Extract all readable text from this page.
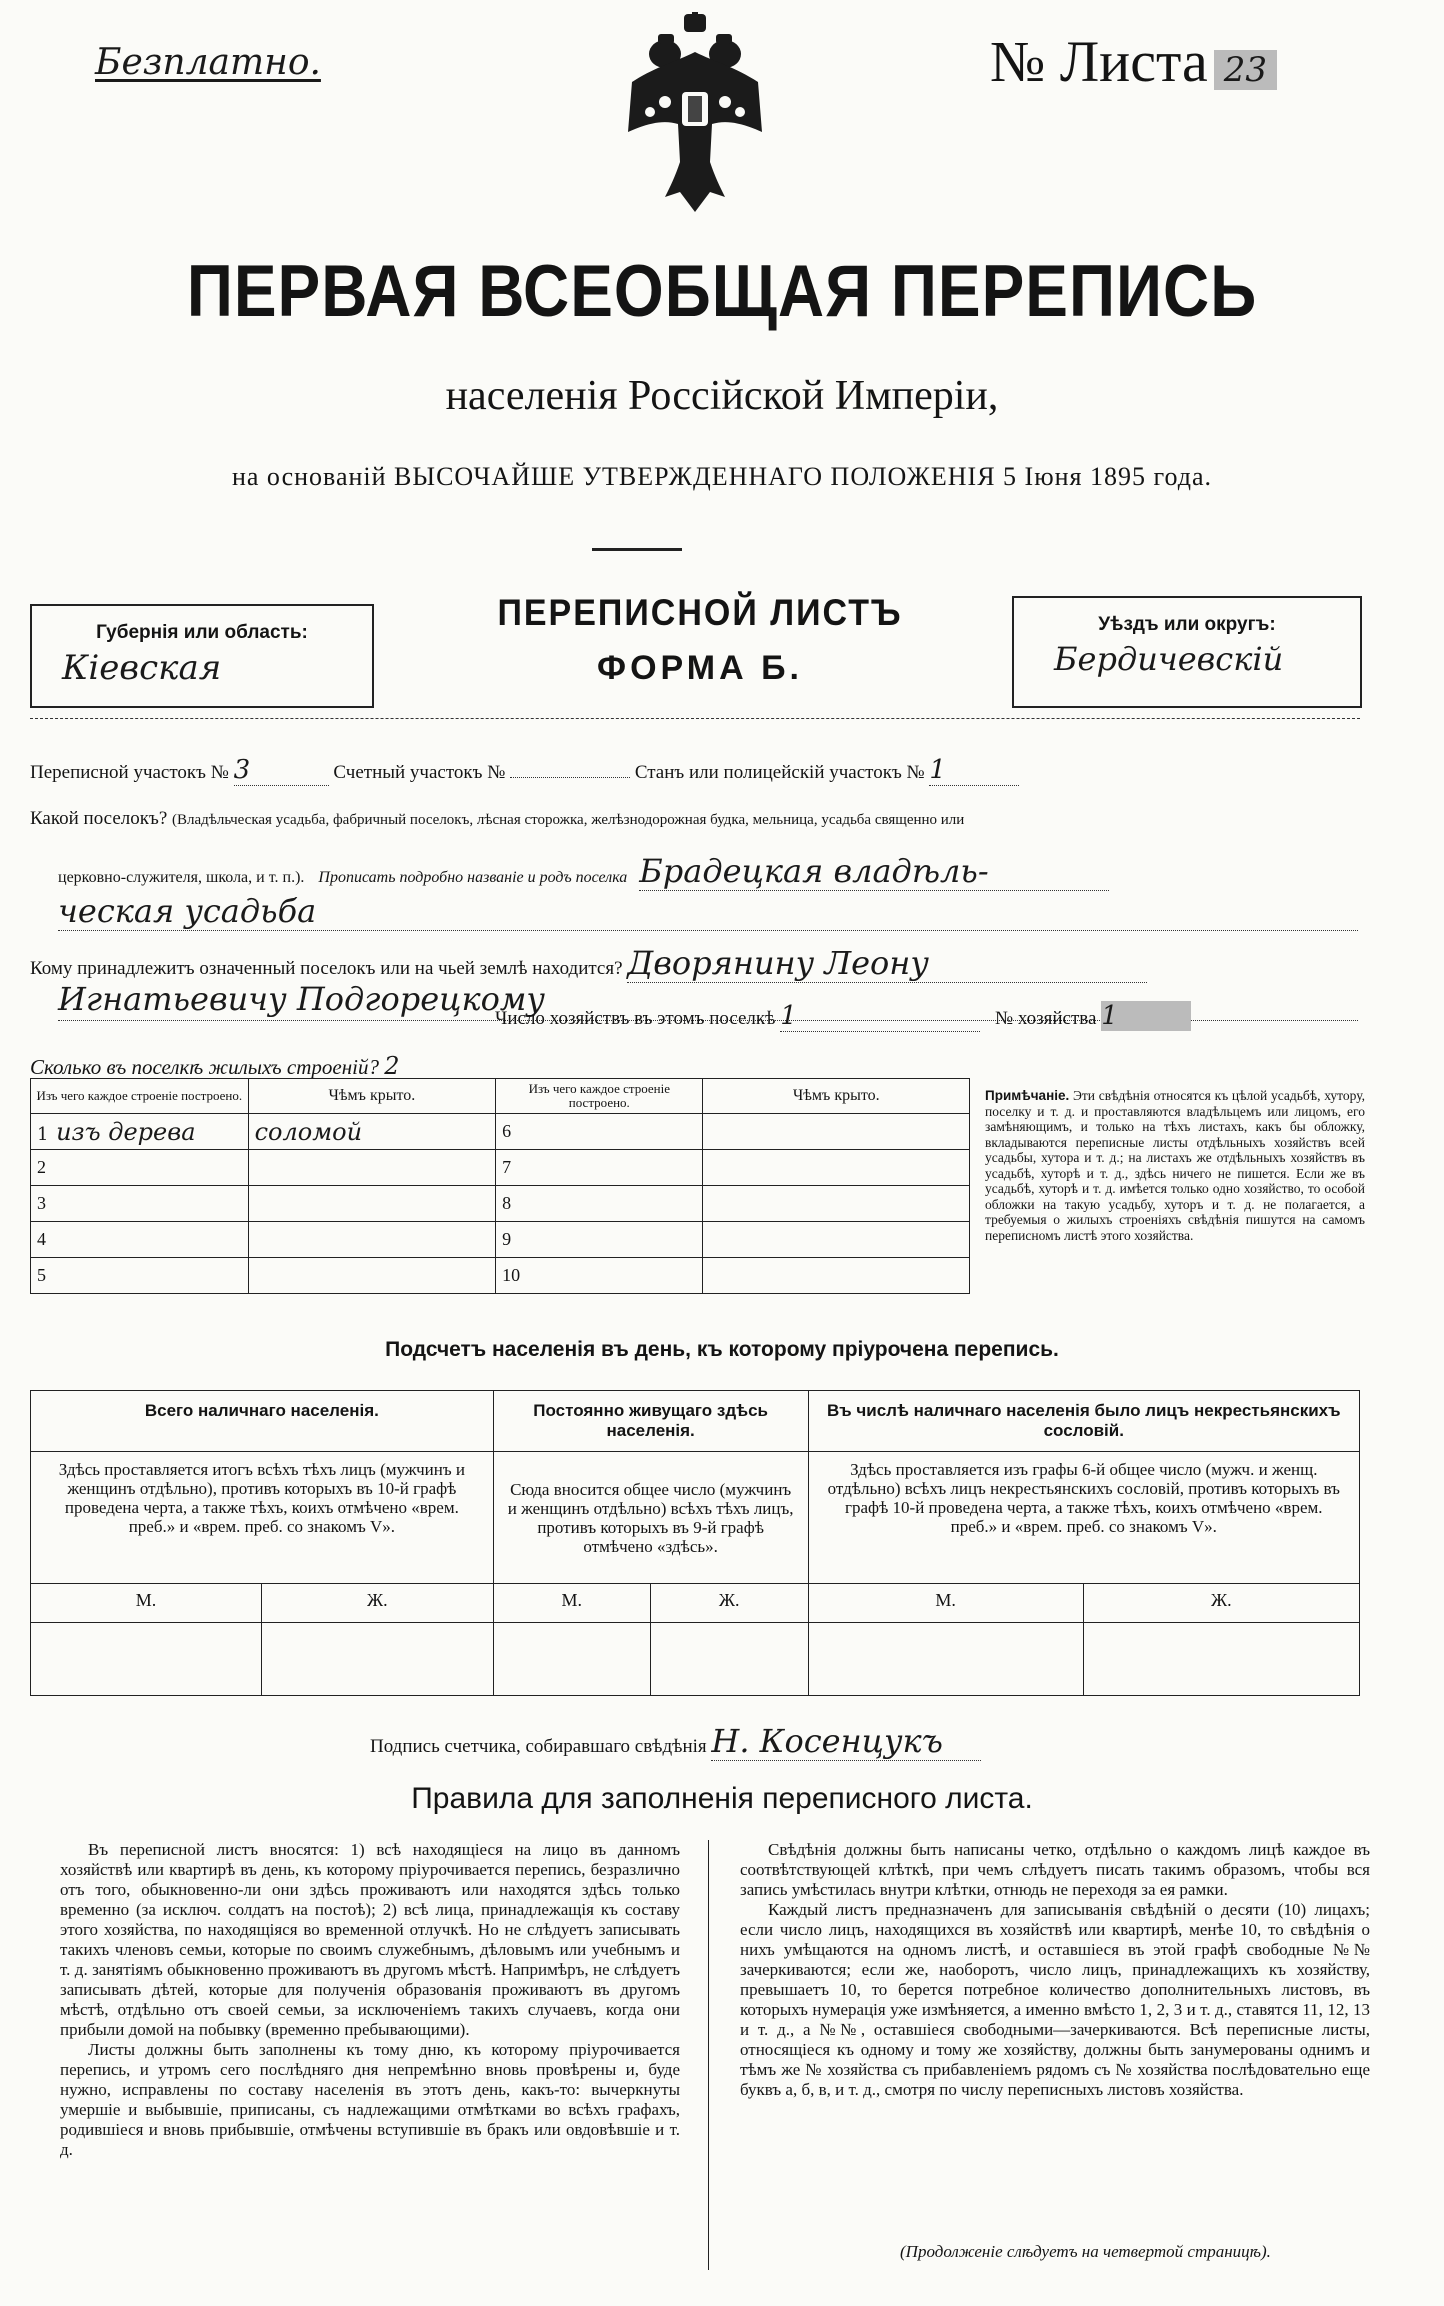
Безплатно.	№ Листа 23
ПЕРВАЯ ВСЕОБЩАЯ ПЕРЕПИСЬ
населенія Россійской Имперіи,
на основаній ВЫСОЧАЙШЕ УТВЕРЖДЕННАГО ПОЛОЖЕНІЯ 5 Іюня 1895 года.
Губернія или область:
Кіевская
ПЕРЕПИСНОЙ ЛИСТЪ
ФОРМА Б.
Уѣздъ или округъ:
Бердичевскій
Переписной участокъ № 3	Счетный участокъ №	Станъ или полицейскій участокъ № 1
Какой поселокъ? (Владѣльческая усадьба, фабричный поселокъ, лѣсная сторожка, желѣзнодорожная будка, мельница, усадьба священно или
церковно-служителя, школа, и т. п.). Прописать подробно названіе и родъ поселка Брадецкая владѣль-
ческая усадьба
Кому принадлежитъ означенный поселокъ или на чьей землѣ находится? Дворянину Леону
Игнатьевичу Подгорецкому
Число хозяйствъ въ этомъ поселкѣ 1	№ хозяйства 1
Сколько въ поселкѣ жилыхъ строеній? 2
Изъ чего каждое строеніе построено.	Чѣмъ крыто.	Изъ чего каждое строеніе построено.	Чѣмъ крыто.
1 изъ дерева	соломой	6	
2		7	
3		8	
4		9	
5		10	
Примѣчаніе. Эти свѣдѣнія относятся къ цѣлой усадьбѣ, хутору, поселку и т. д. и проставляются владѣльцемъ или лицомъ, его замѣняющимъ, и только на тѣхъ листахъ, какъ бы обложку, вкладываются переписные листы отдѣльныхъ хозяйствъ всей усадьбы, хутора и т. д.; на листахъ же отдѣльныхъ хозяйствъ въ усадьбѣ, хуторѣ и т. д., здѣсь ничего не пишется. Если же въ усадьбѣ, хуторѣ и т. д. имѣется только одно хозяйство, то особой обложки на такую усадьбу, хуторъ и т. д. не полагается, а требуемыя о жилыхъ строеніяхъ свѣдѣнія пишутся на самомъ переписномъ листѣ этого хозяйства.
Подсчетъ населенія въ день, къ которому пріурочена перепись.
Всего наличнаго населенія.		Постоянно живущаго здѣсь населенія.		Въ числѣ наличнаго населенія было лицъ некрестьянскихъ сословій.	
Здѣсь проставляется итогъ всѣхъ тѣхъ лицъ (мужчинъ и женщинъ отдѣльно), противъ которыхъ въ 10-й графѣ проведена черта, а также тѣхъ, коихъ отмѣчено «врем. преб.» и «врем. преб. со знакомъ V».		Сюда вносится общее число (мужчинъ и женщинъ отдѣльно) всѣхъ тѣхъ лицъ, противъ которыхъ въ 9-й графѣ отмѣчено «здѣсь».		Здѣсь проставляется изъ графы 6-й общее число (мужч. и женщ. отдѣльно) всѣхъ лицъ некрестьянскихъ сословій, противъ которыхъ въ графѣ 10-й проведена черта, а также тѣхъ, коихъ отмѣчено «врем. преб.» и «врем. преб. со знакомъ V».	
М.	Ж.	М.	Ж.	М.	Ж.

Подпись счетчика, собиравшаго свѣдѣнія Н. Косенцукъ
Правила для заполненія переписного листа.

Въ переписной листъ вносятся: 1) всѣ находящіеся на лицо въ данномъ хозяйствѣ или квартирѣ въ день, къ которому пріурочивается перепись, безразлично отъ того, обыкновенно-ли они здѣсь проживаютъ или находятся здѣсь только временно (за исключ. солдатъ на постоѣ); 2) всѣ лица, принадлежащія къ составу этого хозяйства, по находящіяся во временной отлучкѣ. Но не слѣдуетъ записывать такихъ членовъ семьи, которые по своимъ служебнымъ, дѣловымъ или учебнымъ и т. д. занятіямъ обыкновенно проживаютъ въ другомъ мѣстѣ. Напримѣръ, не слѣдуетъ записывать дѣтей, которые для полученія образованія проживаютъ въ другомъ мѣстѣ, отдѣльно отъ своей семьи, за исключеніемъ такихъ случаевъ, когда они прибыли домой на побывку (временно пребывающими).

Листы должны быть заполнены къ тому дню, къ которому пріурочивается перепись, и утромъ сего послѣдняго дня непремѣнно вновь провѣрены и, буде нужно, исправлены по составу населенія въ этотъ день, какъ-то: вычеркнуты умершіе и выбывшіе, приписаны, съ надлежащими отмѣтками во всѣхъ графахъ, родившіеся и вновь прибывшіе, отмѣчены вступившіе въ бракъ или овдовѣвшіе и т. д.

Свѣдѣнія должны быть написаны четко, отдѣльно о каждомъ лицѣ каждое въ соотвѣтствующей клѣткѣ, при чемъ слѣдуетъ писать такимъ образомъ, чтобы вся запись умѣстилась внутри клѣтки, отнюдь не переходя за ея рамки.

Каждый листъ предназначенъ для записыванія свѣдѣній о десяти (10) лицахъ; если число лицъ, находящихся въ хозяйствѣ или квартирѣ, менѣе 10, то свѣдѣнія о нихъ умѣщаются на одномъ листѣ, и оставшіеся въ этой графѣ свободные №№ зачеркиваются; если же, наоборотъ, число лицъ, принадлежащихъ къ хозяйству, превышаетъ 10, то берется потребное количество дополнительныхъ листовъ, въ которыхъ нумерація уже измѣняется, а именно вмѣсто 1, 2, 3 и т. д., ставятся 11, 12, 13 и т. д., а №№, оставшіеся свободными—зачеркиваются. Всѣ переписные листы, относящіеся къ одному и тому же хозяйству, должны быть занумерованы однимъ и тѣмъ же № хозяйства съ прибавленіемъ рядомъ съ № хозяйства послѣдовательно еще буквъ а, б, в, и т. д., смотря по числу переписныхъ листовъ хозяйства.

(Продолженіе слѣдуетъ на четвертой страницѣ).
